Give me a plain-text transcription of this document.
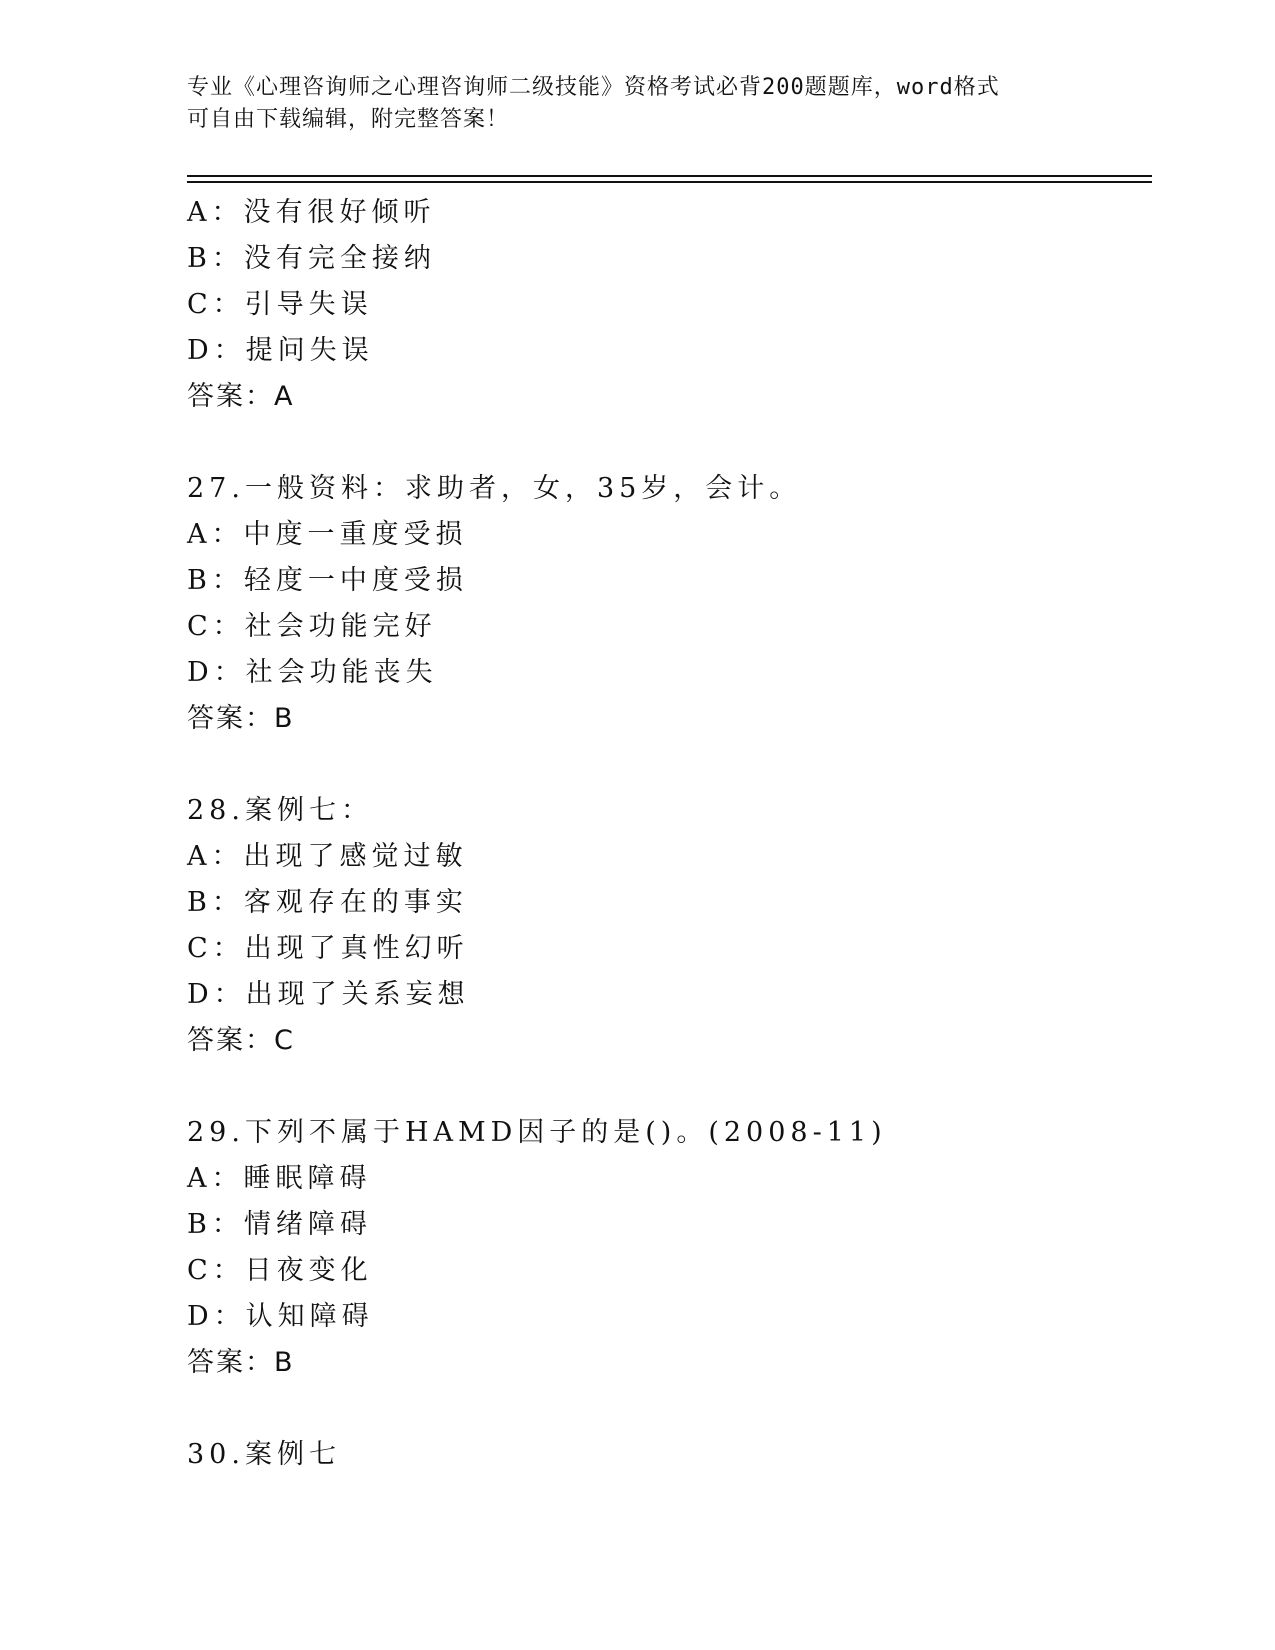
专业《心理咨询师之心理咨询师二级技能》资格考试必背200题题库，word格式
可自由下载编辑，附完整答案！
A：没有很好倾听
B：没有完全接纳
C：引导失误
D：提问失误
答案：A
27.一般资料：求助者，女，35岁，会计。
A：中度一重度受损
B：轻度一中度受损
C：社会功能完好
D：社会功能丧失
答案：B
28.案例七：
A：出现了感觉过敏
B：客观存在的事实
C：出现了真性幻听
D：出现了关系妄想
答案：C
29.下列不属于HAMD因子的是()。(2008-11)
A：睡眠障碍
B：情绪障碍
C：日夜变化
D：认知障碍
答案：B
30.案例七
